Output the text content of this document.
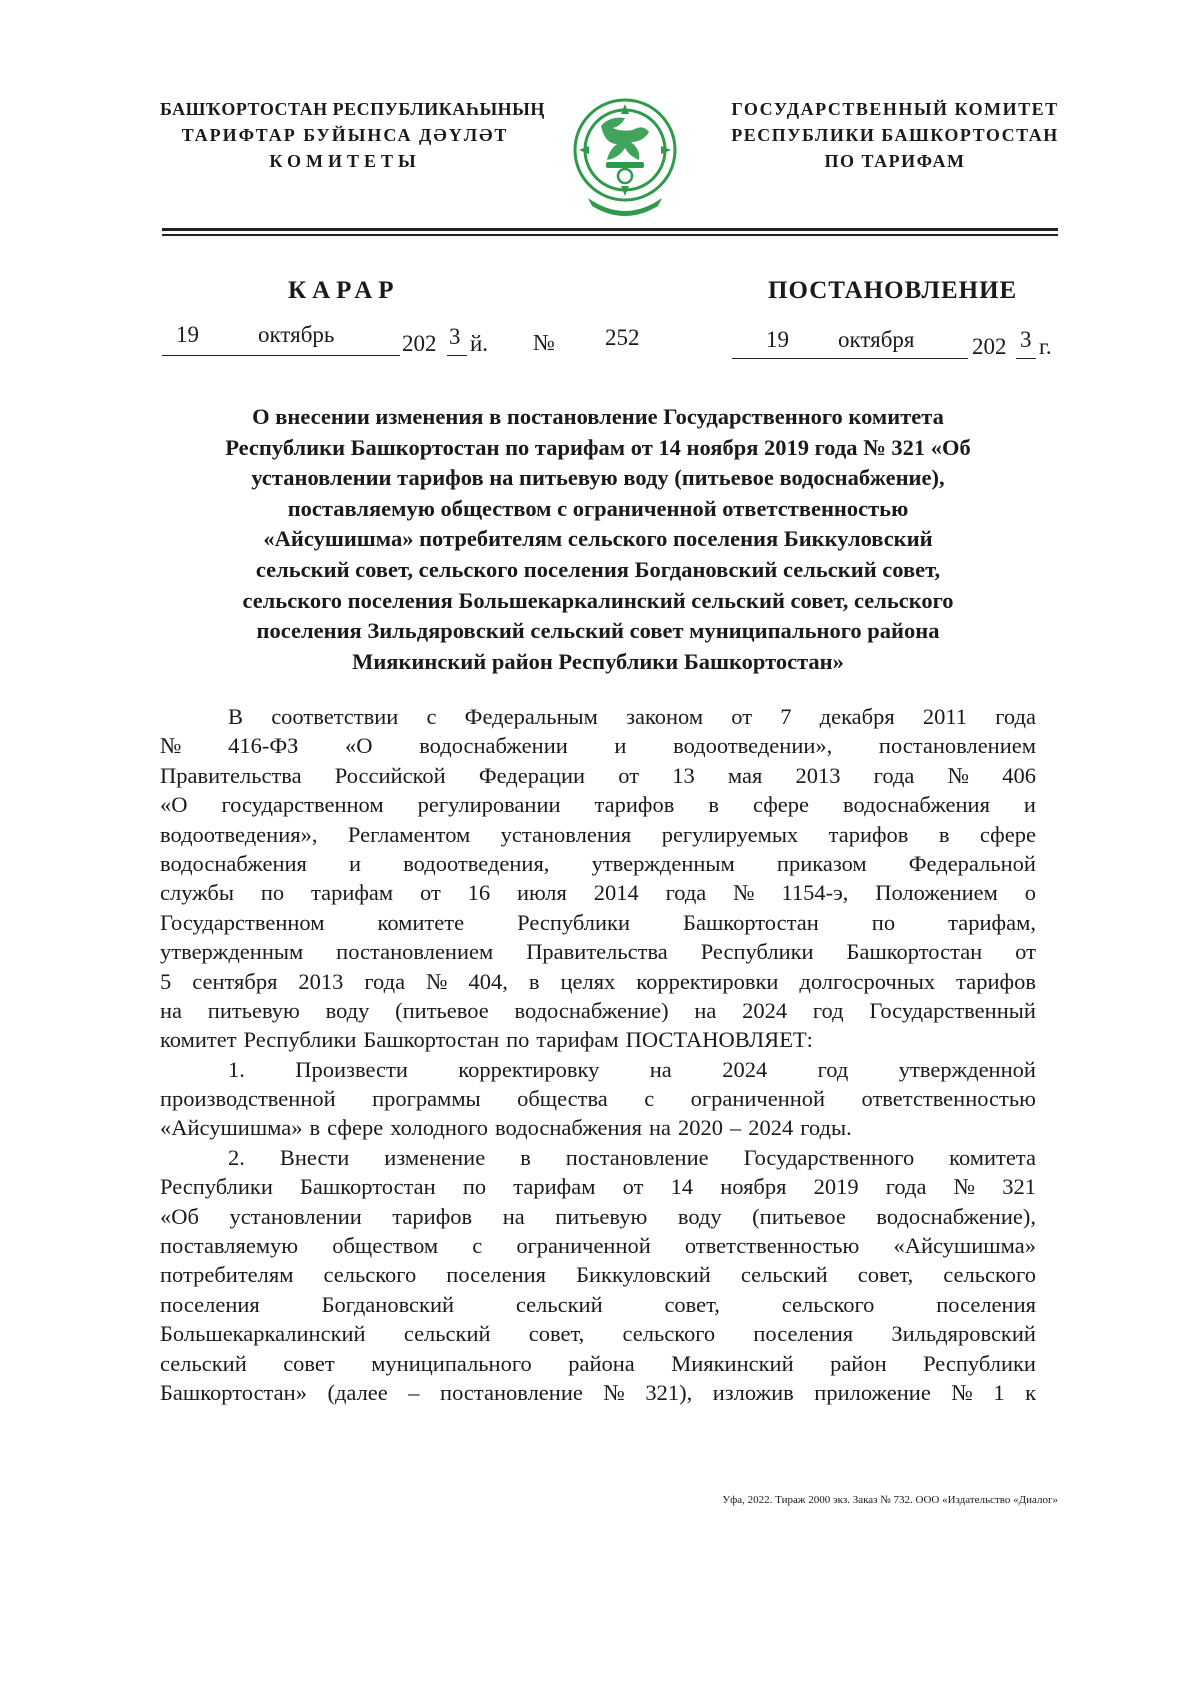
БАШҠОРТОСТАН РЕСПУБЛИКАҺЫНЫҢ
ТАРИФТАР БУЙЫНСА ДӘҮЛӘТ
КОМИТЕТЫ
ГОСУДАРСТВЕННЫЙ КОМИТЕТ
РЕСПУБЛИКИ БАШКОРТОСТАН
ПО ТАРИФАМ
КАРАР	ПОСТАНОВЛЕНИЕ
19	октябрь	202 3 й. № 252	19 октября	202 3 г.
О внесении изменения в постановление Государственного комитета
Республики Башкортостан по тарифам от 14 ноября 2019 года № 321 «Об
установлении тарифов на питьевую воду (питьевое водоснабжение),
поставляемую обществом с ограниченной ответственностью
«Айсушишма» потребителям сельского поселения Биккуловский
сельский совет, сельского поселения Богдановский сельский совет,
сельского поселения Большекаркалинский сельский совет, сельского
поселения Зильдяровский сельский совет муниципального района
Миякинский район Республики Башкортостан»
В соответствии с Федеральным законом от 7 декабря 2011 года
№ 416-ФЗ «О водоснабжении и водоотведении», постановлением
Правительства Российской Федерации от 13 мая 2013 года № 406
«О государственном регулировании тарифов в сфере водоснабжения и
водоотведения», Регламентом установления регулируемых тарифов в сфере
водоснабжения и водоотведения, утвержденным приказом Федеральной
службы по тарифам от 16 июля 2014 года № 1154-э, Положением о
Государственном комитете Республики Башкортостан по тарифам,
утвержденным постановлением Правительства Республики Башкортостан от
5 сентября 2013 года № 404, в целях корректировки долгосрочных тарифов
на питьевую воду (питьевое водоснабжение) на 2024 год Государственный
комитет Республики Башкортостан по тарифам ПОСТАНОВЛЯЕТ:
1. Произвести корректировку на 2024 год утвержденной
производственной программы общества с ограниченной ответственностью
«Айсушишма» в сфере холодного водоснабжения на 2020 – 2024 годы.
2. Внести изменение в постановление Государственного комитета
Республики Башкортостан по тарифам от 14 ноября 2019 года № 321
«Об установлении тарифов на питьевую воду (питьевое водоснабжение),
поставляемую обществом с ограниченной ответственностью «Айсушишма»
потребителям сельского поселения Биккуловский сельский совет, сельского
поселения	Богдановский	сельский	совет,	сельского	поселения
Большекаркалинский сельский совет, сельского поселения Зильдяровский
сельский совет муниципального района Миякинский район Республики
Башкортостан» (далее – постановление № 321), изложив приложение № 1 к
Уфа, 2022. Тираж 2000 экз. Заказ № 732. ООО «Издательство «Диалог»
